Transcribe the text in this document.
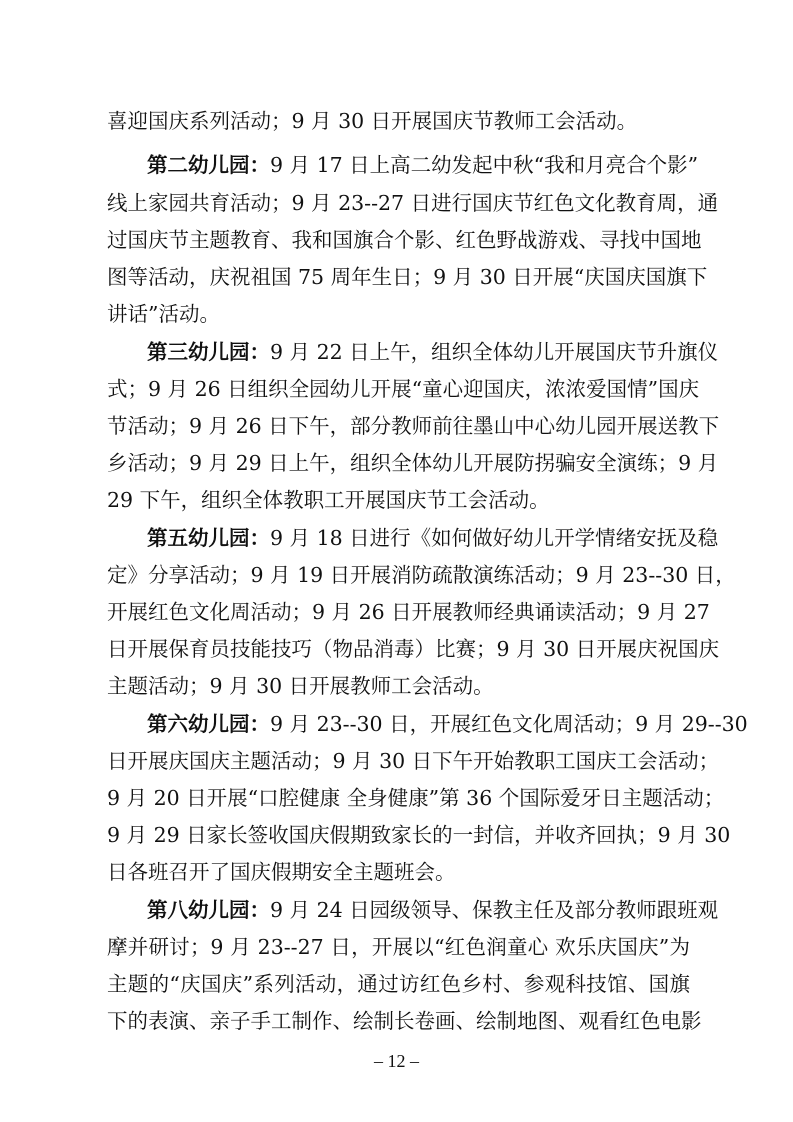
喜迎国庆系列活动；9 月 30 日开展国庆节教师工会活动。
第二幼儿园：9 月 17 日上高二幼发起中秋“我和月亮合个影”
线上家园共育活动；9 月 23--27 日进行国庆节红色文化教育周，通
过国庆节主题教育、我和国旗合个影、红色野战游戏、寻找中国地
图等活动，庆祝祖国 75 周年生日；9 月 30 日开展“庆国庆国旗下
讲话”活动。
第三幼儿园：9 月 22 日上午，组织全体幼儿开展国庆节升旗仪
式；9 月 26 日组织全园幼儿开展“童心迎国庆，浓浓爱国情”国庆
节活动；9 月 26 日下午，部分教师前往墨山中心幼儿园开展送教下
乡活动；9 月 29 日上午，组织全体幼儿开展防拐骗安全演练；9 月
29 下午，组织全体教职工开展国庆节工会活动。
第五幼儿园：9 月 18 日进行《如何做好幼儿开学情绪安抚及稳
定》分享活动；9 月 19 日开展消防疏散演练活动；9 月 23--30 日，
开展红色文化周活动；9 月 26 日开展教师经典诵读活动；9 月 27
日开展保育员技能技巧（物品消毒）比赛；9 月 30 日开展庆祝国庆
主题活动；9 月 30 日开展教师工会活动。
第六幼儿园：9 月 23--30 日，开展红色文化周活动；9 月 29--30
日开展庆国庆主题活动；9 月 30 日下午开始教职工国庆工会活动；
9 月 20 日开展“口腔健康 全身健康”第 36 个国际爱牙日主题活动；
9 月 29 日家长签收国庆假期致家长的一封信，并收齐回执；9 月 30
日各班召开了国庆假期安全主题班会。
第八幼儿园：9 月 24 日园级领导、保教主任及部分教师跟班观
摩并研讨；9 月 23--27 日，开展以“红色润童心 欢乐庆国庆”为
主题的“庆国庆”系列活动，通过访红色乡村、参观科技馆、国旗
下的表演、亲子手工制作、绘制长卷画、绘制地图、观看红色电影
– 12 –
